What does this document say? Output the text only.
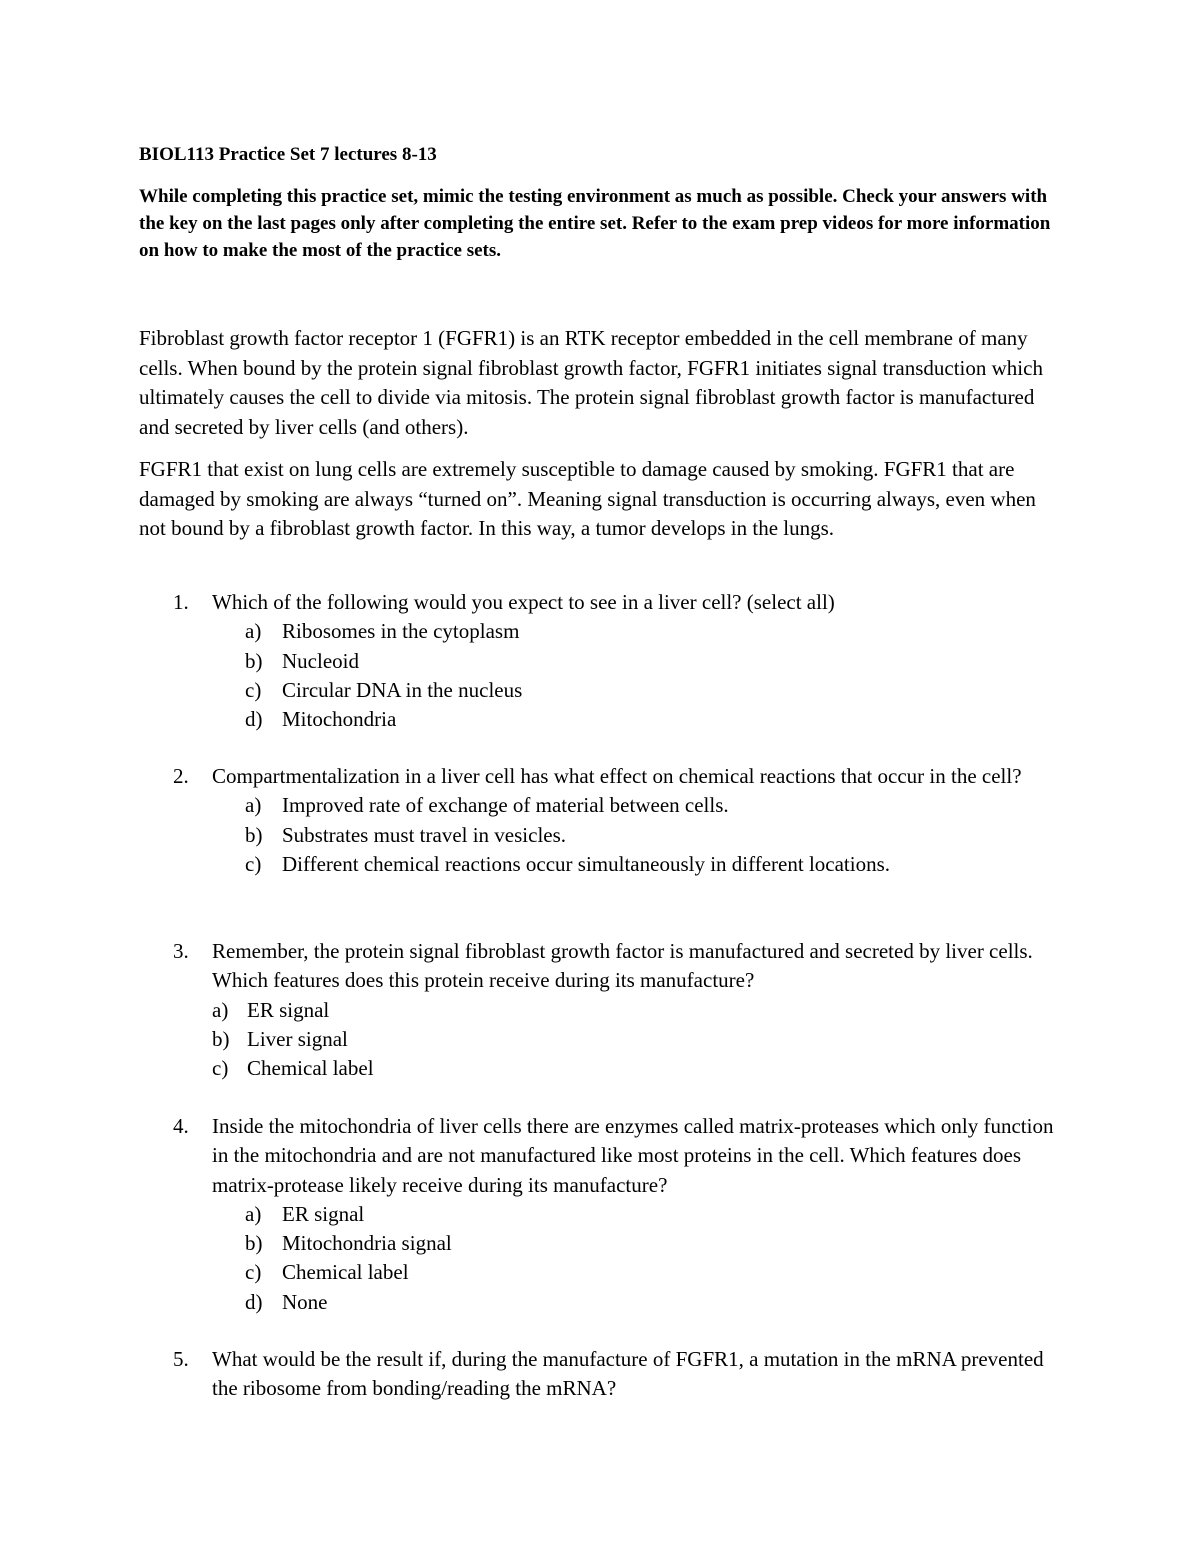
BIOL113 Practice Set 7 lectures 8-13

While completing this practice set, mimic the testing environment as much as possible. Check your answers with the key on the last pages only after completing the entire set. Refer to the exam prep videos for more information on how to make the most of the practice sets.

Fibroblast growth factor receptor 1 (FGFR1) is an RTK receptor embedded in the cell membrane of many cells. When bound by the protein signal fibroblast growth factor, FGFR1 initiates signal transduction which ultimately causes the cell to divide via mitosis. The protein signal fibroblast growth factor is manufactured and secreted by liver cells (and others).

FGFR1 that exist on lung cells are extremely susceptible to damage caused by smoking. FGFR1 that are damaged by smoking are always “turned on”. Meaning signal transduction is occurring always, even when not bound by a fibroblast growth factor. In this way, a tumor develops in the lungs.

1. Which of the following would you expect to see in a liver cell? (select all)
a) Ribosomes in the cytoplasm
b) Nucleoid
c) Circular DNA in the nucleus
d) Mitochondria
2. Compartmentalization in a liver cell has what effect on chemical reactions that occur in the cell?
a) Improved rate of exchange of material between cells.
b) Substrates must travel in vesicles.
c) Different chemical reactions occur simultaneously in different locations.
3. Remember, the protein signal fibroblast growth factor is manufactured and secreted by liver cells. Which features does this protein receive during its manufacture?
a) ER signal
b) Liver signal
c) Chemical label
4. Inside the mitochondria of liver cells there are enzymes called matrix-proteases which only function in the mitochondria and are not manufactured like most proteins in the cell. Which features does matrix-protease likely receive during its manufacture?
a) ER signal
b) Mitochondria signal
c) Chemical label
d) None
5. What would be the result if, during the manufacture of FGFR1, a mutation in the mRNA prevented the ribosome from bonding/reading the mRNA?
